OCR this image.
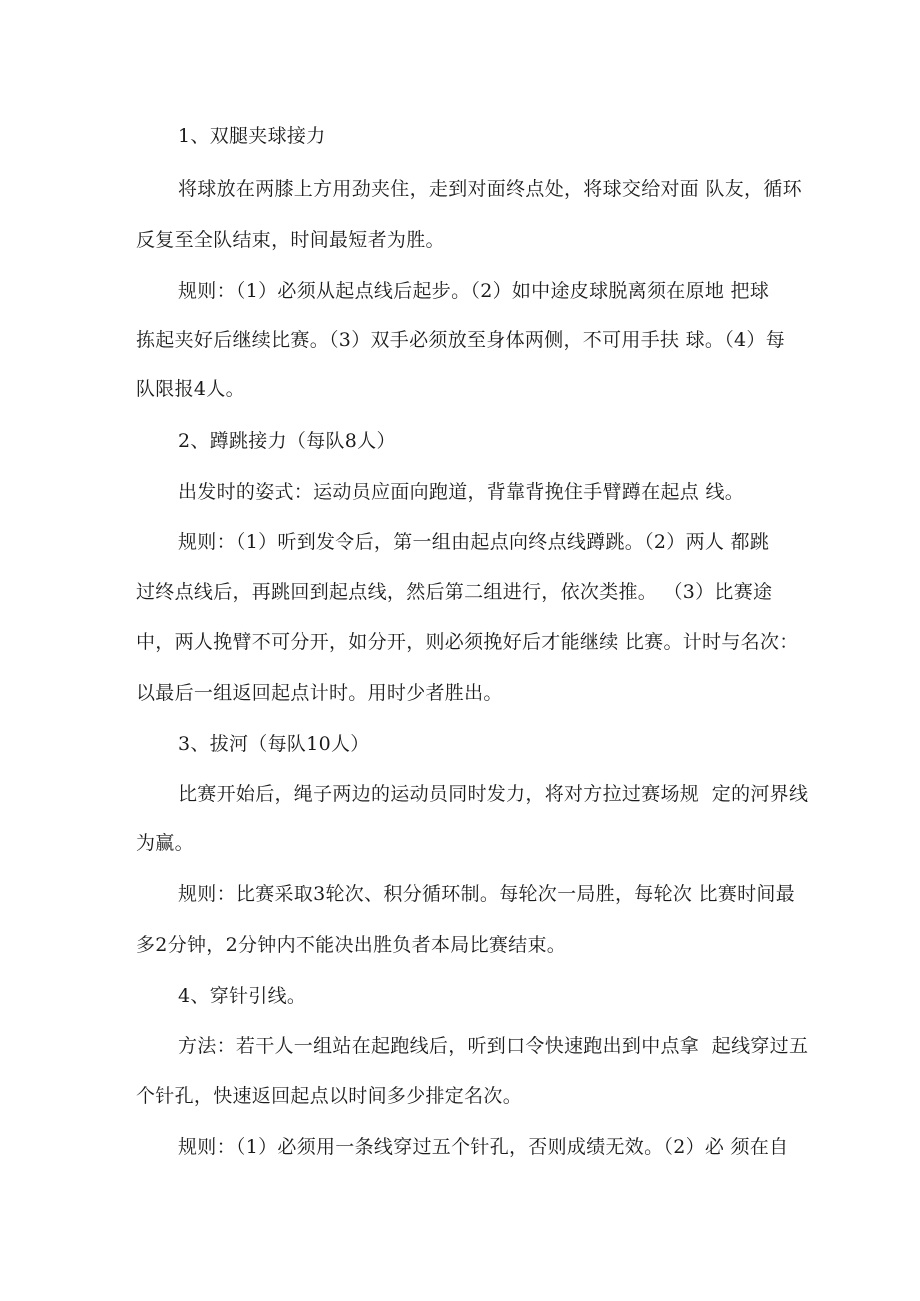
1、双腿夹球接力
将球放在两膝上方用劲夹住，走到对面终点处，将球交给对面 队友，循环
反复至全队结束，时间最短者为胜。
规则：（1）必须从起点线后起步。（2）如中途皮球脱离须在原地 把球
拣起夹好后继续比赛。（3）双手必须放至身体两侧，不可用手扶 球。（4）每
队限报4人。
2、蹲跳接力（每队8人）
出发时的姿式：运动员应面向跑道，背靠背挽住手臂蹲在起点 线。
规则：（1）听到发令后，第一组由起点向终点线蹲跳。（2）两人 都跳
过终点线后，再跳回到起点线，然后第二组进行，依次类推。 （3）比赛途
中，两人挽臂不可分开，如分开，则必须挽好后才能继续 比赛。计时与名次：
以最后一组返回起点计时。用时少者胜出。
3、拔河（每队10人）
比赛开始后，绳子两边的运动员同时发力，将对方拉过赛场规  定的河界线
为赢。
规则：比赛采取3轮次、积分循环制。每轮次一局胜，每轮次 比赛时间最
多2分钟，2分钟内不能决出胜负者本局比赛结束。
4、穿针引线。
方法：若干人一组站在起跑线后，听到口令快速跑出到中点拿  起线穿过五
个针孔，快速返回起点以时间多少排定名次。
规则：（1）必须用一条线穿过五个针孔，否则成绩无效。（2）必 须在自
